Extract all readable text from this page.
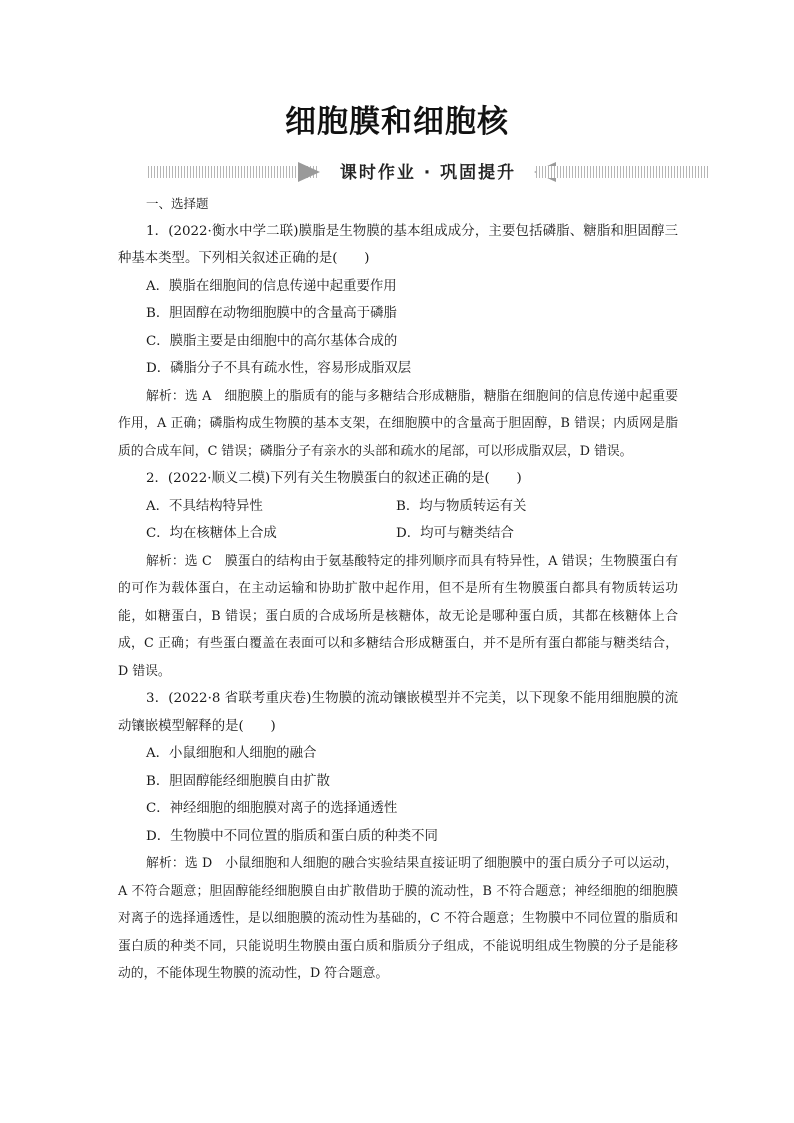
细胞膜和细胞核
课时作业 · 巩固提升

一、选择题

1．(2022·衡水中学二联)膜脂是生物膜的基本组成成分，主要包括磷脂、糖脂和胆固醇三种基本类型。下列相关叙述正确的是(　　)

A．膜脂在细胞间的信息传递中起重要作用

B．胆固醇在动物细胞膜中的含量高于磷脂

C．膜脂主要是由细胞中的高尔基体合成的

D．磷脂分子不具有疏水性，容易形成脂双层

解析：选 A　细胞膜上的脂质有的能与多糖结合形成糖脂，糖脂在细胞间的信息传递中起重要作用，A 正确；磷脂构成生物膜的基本支架，在细胞膜中的含量高于胆固醇，B 错误；内质网是脂质的合成车间，C 错误；磷脂分子有亲水的头部和疏水的尾部，可以形成脂双层，D 错误。

2．(2022·顺义二模)下列有关生物膜蛋白的叙述正确的是(　　)

A．不具结构特异性	B．均与物质转运有关
C．均在核糖体上合成	D．均可与糖类结合

解析：选 C　膜蛋白的结构由于氨基酸特定的排列顺序而具有特异性，A 错误；生物膜蛋白有的可作为载体蛋白，在主动运输和协助扩散中起作用，但不是所有生物膜蛋白都具有物质转运功能，如糖蛋白，B 错误；蛋白质的合成场所是核糖体，故无论是哪种蛋白质，其都在核糖体上合成，C 正确；有些蛋白覆盖在表面可以和多糖结合形成糖蛋白，并不是所有蛋白都能与糖类结合，D 错误。

3．(2022·8 省联考重庆卷)生物膜的流动镶嵌模型并不完美，以下现象不能用细胞膜的流动镶嵌模型解释的是(　　)

A．小鼠细胞和人细胞的融合

B．胆固醇能经细胞膜自由扩散

C．神经细胞的细胞膜对离子的选择通透性

D．生物膜中不同位置的脂质和蛋白质的种类不同

解析：选 D　小鼠细胞和人细胞的融合实验结果直接证明了细胞膜中的蛋白质分子可以运动，A 不符合题意；胆固醇能经细胞膜自由扩散借助于膜的流动性，B 不符合题意；神经细胞的细胞膜对离子的选择通透性，是以细胞膜的流动性为基础的，C 不符合题意；生物膜中不同位置的脂质和蛋白质的种类不同，只能说明生物膜由蛋白质和脂质分子组成，不能说明组成生物膜的分子是能移动的，不能体现生物膜的流动性，D 符合题意。
